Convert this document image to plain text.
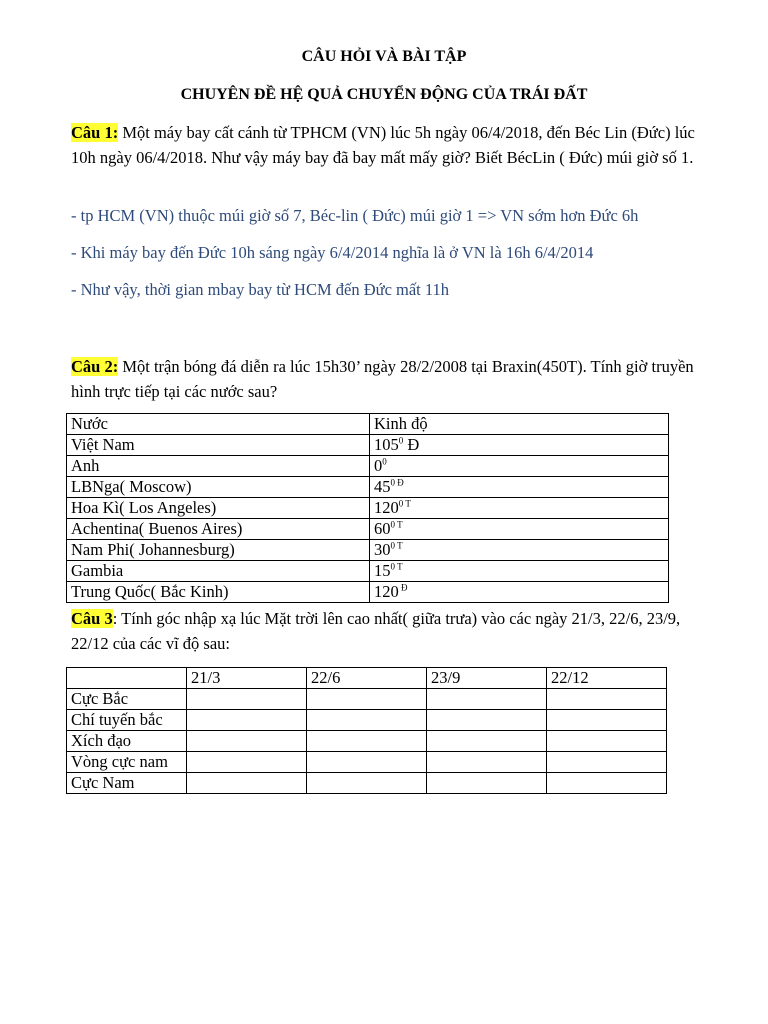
CÂU HỎI VÀ BÀI TẬP
CHUYÊN ĐỀ HỆ QUẢ CHUYỂN ĐỘNG CỦA TRÁI ĐẤT
Câu 1: Một máy bay cất cánh từ TPHCM (VN) lúc 5h ngày 06/4/2018, đến Béc Lin (Đức) lúc 10h ngày 06/4/2018. Như vậy máy bay đã bay mất mấy giờ? Biết BécLin ( Đức) múi giờ số 1.
- tp HCM (VN) thuộc múi giờ số 7, Béc-lin ( Đức) múi giờ 1 => VN sớm hơn Đức 6h
- Khi máy bay đến Đức 10h sáng ngày 6/4/2014 nghĩa là ở VN là 16h 6/4/2014
- Như vậy, thời gian mbay bay từ HCM đến Đức mất 11h
Câu 2: Một trận bóng đá diễn ra lúc 15h30’ ngày 28/2/2008 tại Braxin(450T). Tính giờ truyền hình trực tiếp tại các nước sau?
Nước	Kinh độ
Việt Nam	$105^0$ Đ
Anh	$0^0$
LBNga( Moscow)	$45^{0 Đ}$
Hoa Kì( Los Angeles)	$120^{0 T}$
Achentina( Buenos Aires)	$60^{0 T}$
Nam Phi( Johannesburg)	$30^{0 T}$
Gambia	$15^{0 T}$
Trung Quốc( Bắc Kinh)	120 $^Đ$
Câu 3: Tính góc nhập xạ lúc Mặt trời lên cao nhất( giữa trưa) vào các ngày 21/3, 22/6, 23/9, 22/12 của các vĩ độ sau:
	21/3	22/6	23/9	22/12
Cực Bắc				
Chí tuyến bắc				
Xích đạo				
Vòng cực nam				
Cực Nam				
